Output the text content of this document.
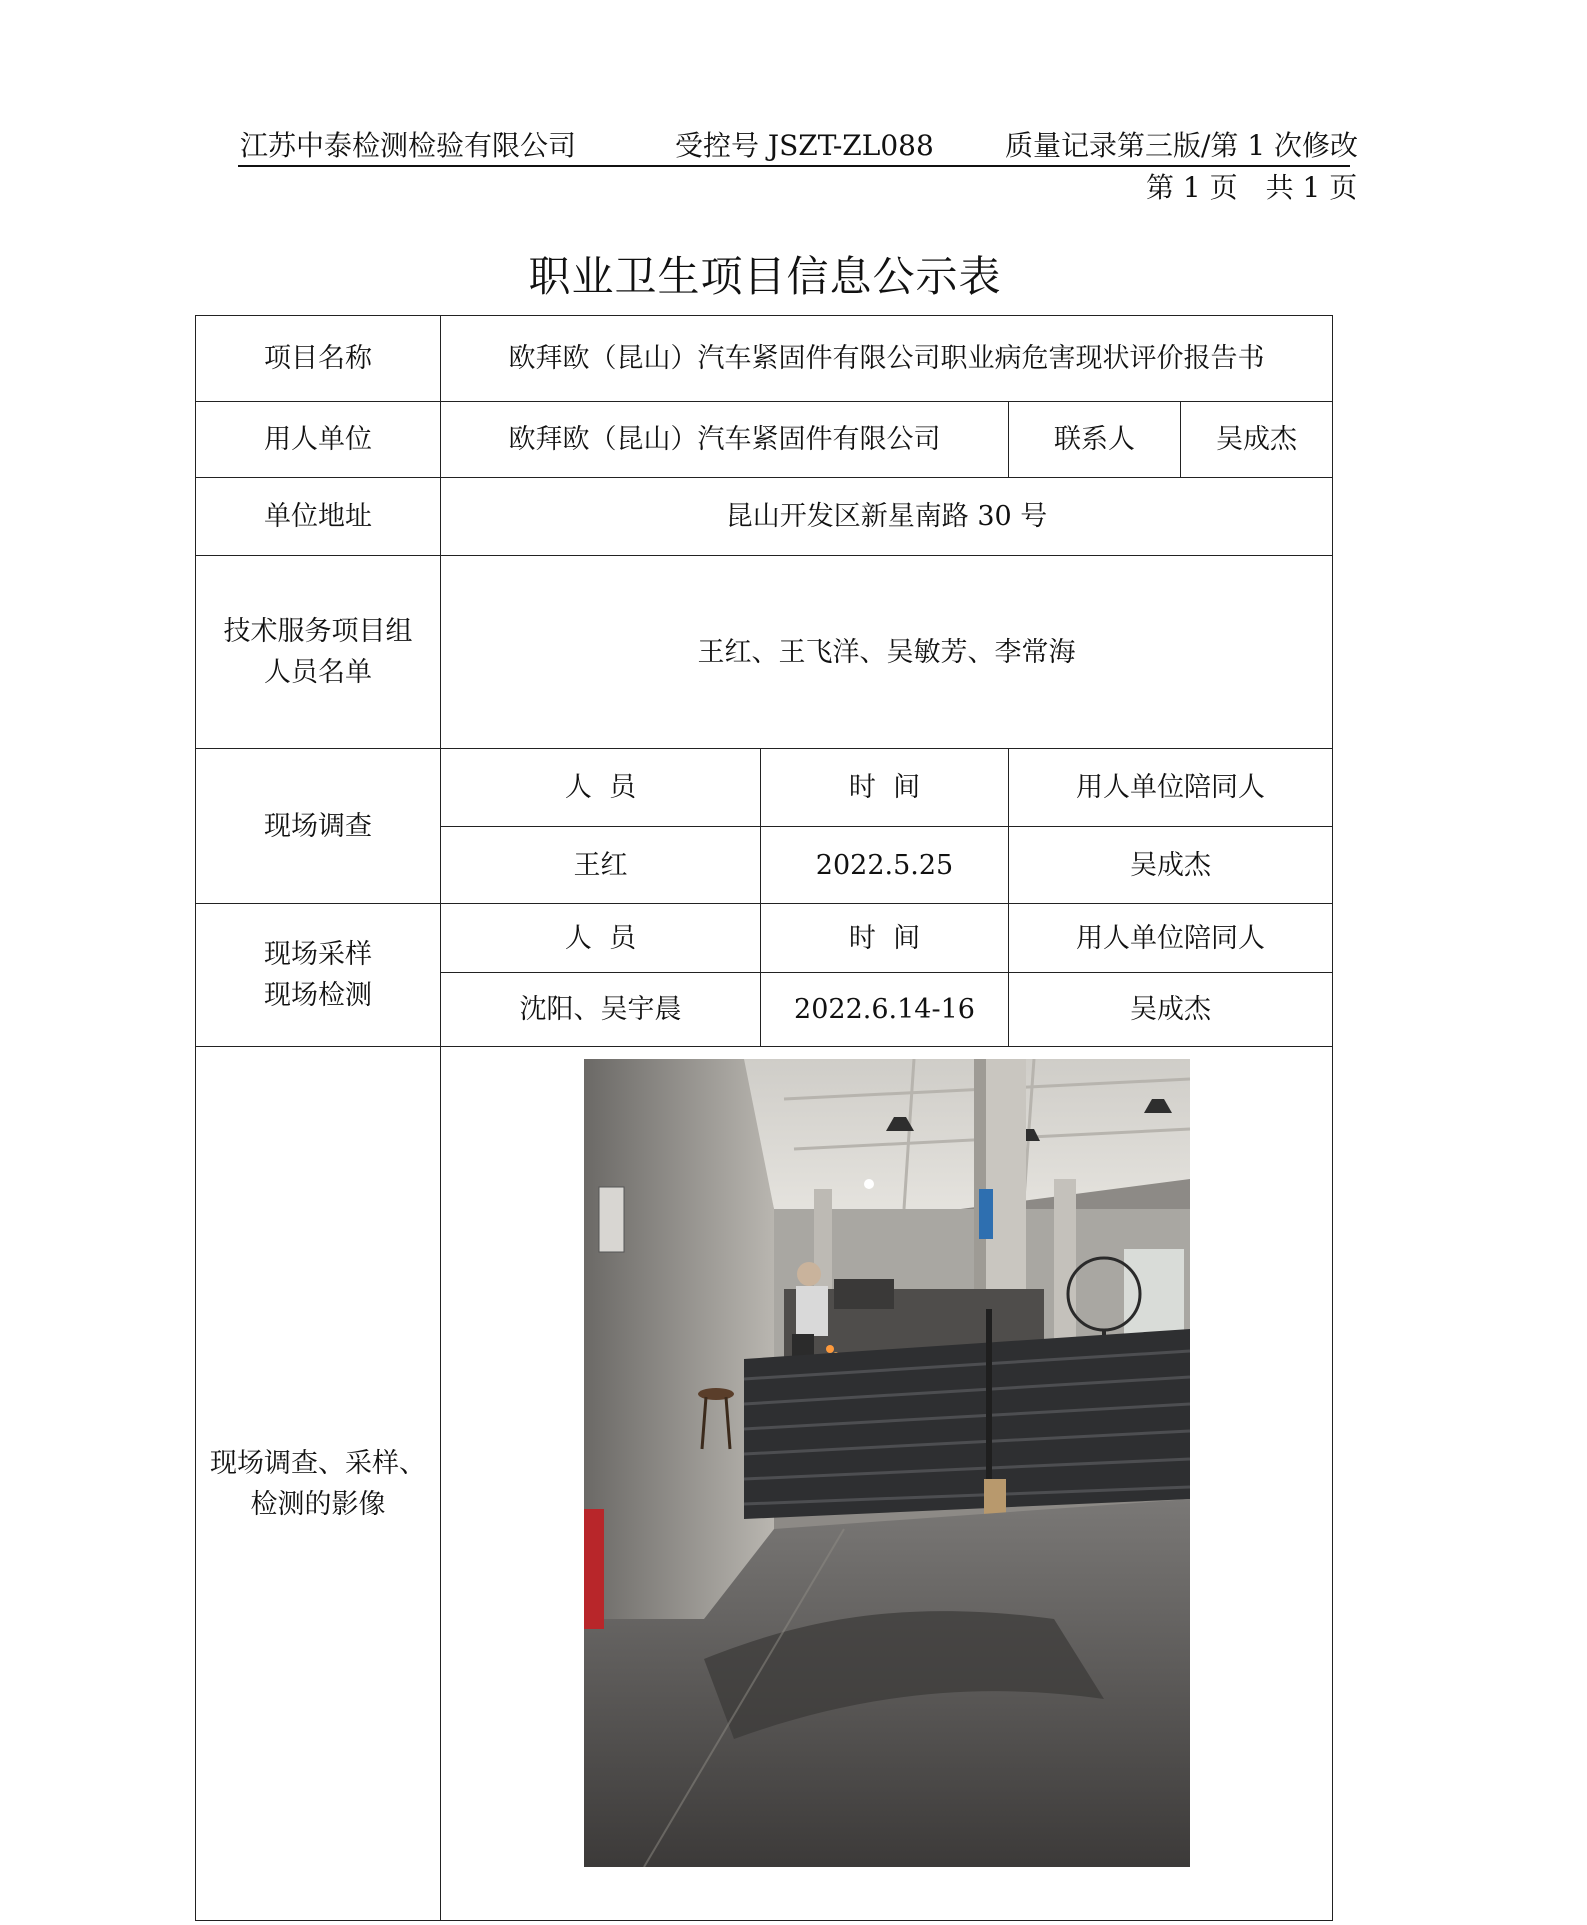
江苏中泰检测检验有限公司	受控号 JSZT-ZL088	质量记录第三版/第 1 次修改
第 1 页　共 1 页
职业卫生项目信息公示表
项目名称	欧拜欧（昆山）汽车紧固件有限公司职业病危害现状评价报告书			
用人单位	欧拜欧（昆山）汽车紧固件有限公司		联系人	吴成杰
单位地址	昆山开发区新星南路 30 号			

技术服务项目组
人员名单	王红、王飞洋、吴敏芳、李常海			
现场调查	人  员	时  间	用人单位陪同人	
	王红	2022.5.25	吴成杰	

现场采样
现场检测	人  员	时  间	用人单位陪同人	
	沈阳、吴宇晨	2022.6.14-16	吴成杰	

现场调查、采样、
检测的影像
